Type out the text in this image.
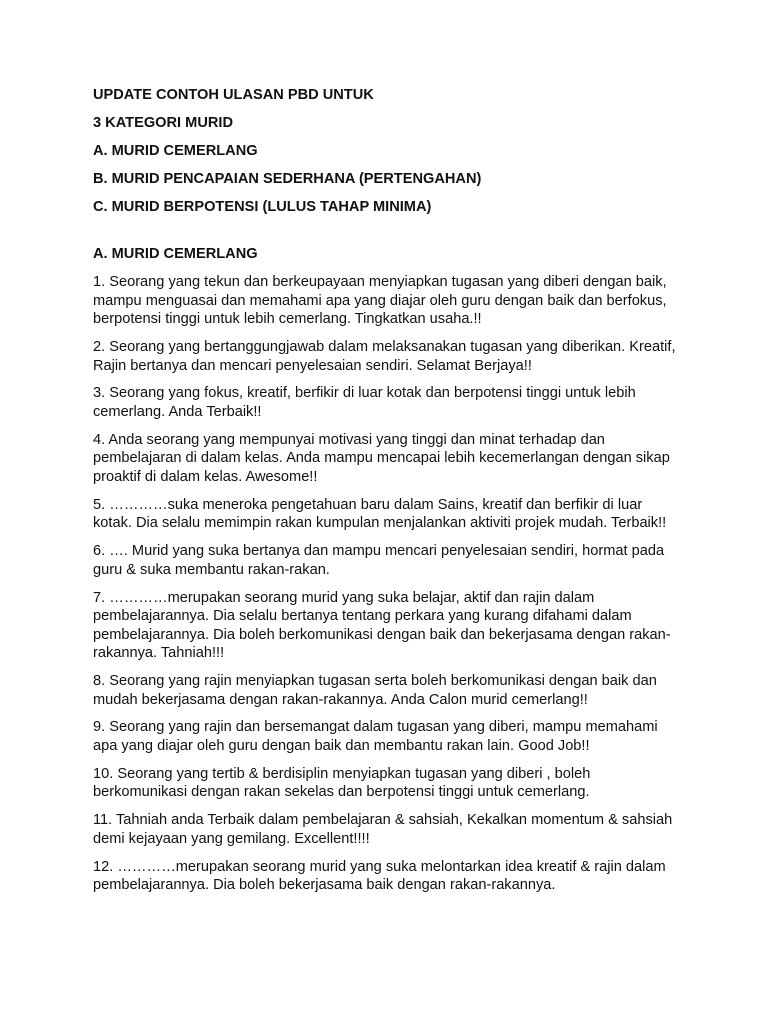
UPDATE CONTOH ULASAN PBD UNTUK
3 KATEGORI MURID
A. MURID CEMERLANG
B. MURID PENCAPAIAN SEDERHANA (PERTENGAHAN)
C. MURID BERPOTENSI (LULUS TAHAP MINIMA)
A. MURID CEMERLANG

1. Seorang yang tekun dan berkeupayaan menyiapkan tugasan yang diberi dengan baik, mampu menguasai dan memahami apa yang diajar oleh guru dengan baik dan berfokus, berpotensi tinggi untuk lebih cemerlang. Tingkatkan usaha.!!

2. Seorang yang bertanggungjawab dalam melaksanakan tugasan yang diberikan. Kreatif, Rajin bertanya dan mencari penyelesaian sendiri. Selamat Berjaya!!

3. Seorang yang fokus, kreatif, berfikir di luar kotak dan berpotensi tinggi untuk lebih cemerlang. Anda Terbaik!!

4. Anda seorang yang mempunyai motivasi yang tinggi dan minat terhadap dan pembelajaran di dalam kelas. Anda mampu mencapai lebih kecemerlangan dengan sikap proaktif di dalam kelas. Awesome!!

5. …………suka meneroka pengetahuan baru dalam Sains, kreatif dan berfikir di luar kotak. Dia selalu memimpin rakan kumpulan menjalankan aktiviti projek mudah. Terbaik!!

6. …. Murid yang suka bertanya dan mampu mencari penyelesaian sendiri, hormat pada guru & suka membantu rakan-rakan.

7. …………merupakan seorang murid yang suka belajar, aktif dan rajin dalam pembelajarannya. Dia selalu bertanya tentang perkara yang kurang difahami dalam pembelajarannya. Dia boleh berkomunikasi dengan baik dan bekerjasama dengan rakan-rakannya. Tahniah!!!

8. Seorang yang rajin menyiapkan tugasan serta boleh berkomunikasi dengan baik dan mudah bekerjasama dengan rakan-rakannya. Anda Calon murid cemerlang!!

9. Seorang yang rajin dan bersemangat dalam tugasan yang diberi, mampu memahami apa yang diajar oleh guru dengan baik dan membantu rakan lain. Good Job!!

10. Seorang yang tertib & berdisiplin menyiapkan tugasan yang diberi , boleh berkomunikasi dengan rakan sekelas dan berpotensi tinggi untuk cemerlang.

11. Tahniah anda Terbaik dalam pembelajaran & sahsiah, Kekalkan momentum & sahsiah demi kejayaan yang gemilang. Excellent!!!!

12. …………merupakan seorang murid yang suka melontarkan idea kreatif & rajin dalam pembelajarannya. Dia boleh bekerjasama baik dengan rakan-rakannya.
